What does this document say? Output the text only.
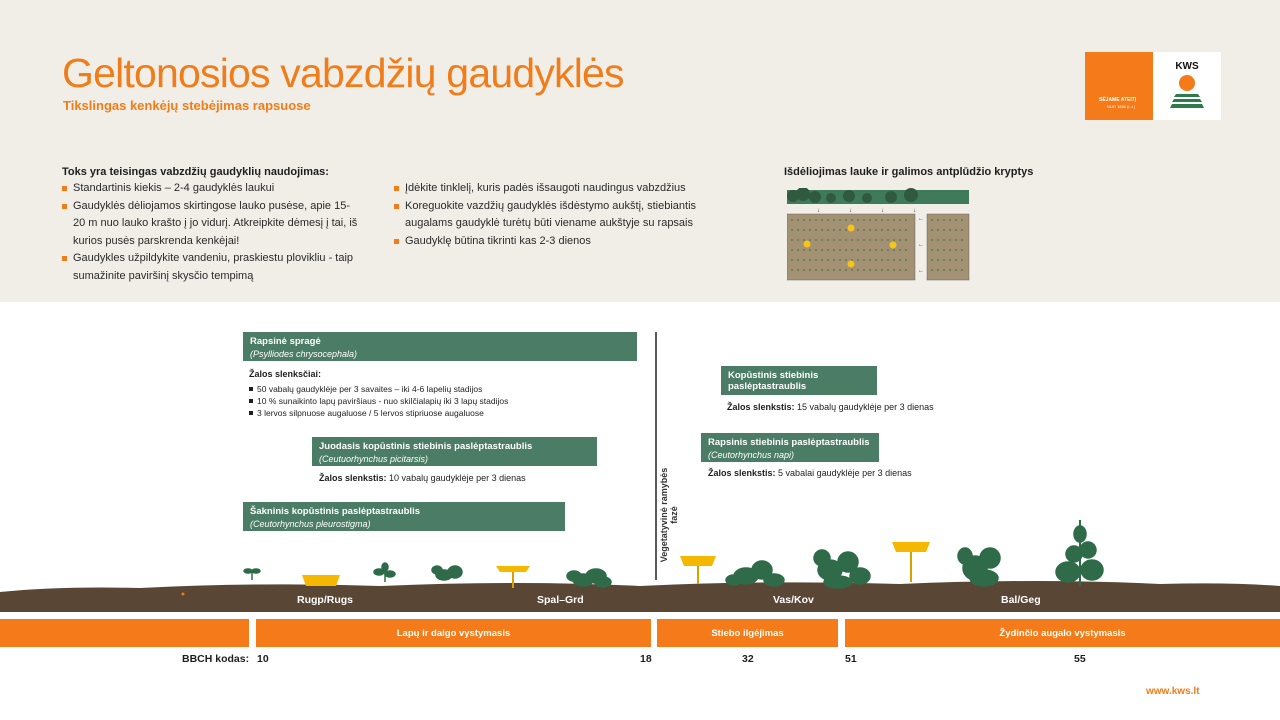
Geltonosios vabzdžių gaudyklės
Tikslingas kenkėjų stebėjimas rapsuose	SĖJAME ATEITĮ
NUO 1856 (L.t.)
KWS
Toks yra teisingas vabzdžių gaudyklių naudojimas:
Standartinis kiekis – 2-4 gaudyklės laukui
Gaudyklės dėliojamos skirtingose lauko pusėse, apie 15-20 m nuo lauko krašto į jo vidurį. Atkreipkite dėmesį į tai, iš kurios pusės parskrenda kenkėjai!
Gaudykles užpildykite vandeniu, praskiestu plovikliu - taip sumažinite paviršinį skysčio tempimą
Įdėkite tinklelį, kuris padės išsaugoti naudingus vabzdžius
Koreguokite vazdžių gaudyklės išdėstymo aukštį, stiebiantis augalams gaudyklė turėtų būti viename aukštyje su rapsais
Gaudyklę būtina tikrinti kas 2-3 dienos
Išdėliojimas lauke ir galimos antplūdžio kryptys
↓	↓	↓	↓
←
←
←
Rapsinė spragė
(Psylliodes chrysocephala)
Žalos slenksčiai:
50 vabalų gaudyklėje per 3 savaites – iki 4-6 lapelių stadijos
10 % sunaikinto lapų paviršiaus - nuo skilčialapių iki 3 lapų stadijos
3 lervos silpnuose augaluose / 5 lervos stipriuose augaluose
Juodasis kopūstinis stiebinis paslėptastraublis
(Ceutuorhynchus picitarsis)
Žalos slenkstis: 10 vabalų gaudyklėje per 3 dienas
Šakninis kopūstinis paslėptastraublis
(Ceutorhynchus pleurostigma)	Vegetatyvinė ramybės fazė
Kopūstinis stiebinis paslėptastraublis
(Ceutorhynchus pallidactylus)
Žalos slenkstis: 15 vabalų gaudyklėje per 3 dienas
Rapsinis stiebinis paslėptastraublis
(Ceutorhynchus napi)
Žalos slenkstis: 5 vabalai gaudyklėje per 3 dienas
Rugp/Rugs	Spal–Grd	Vas/Kov	Bal/Geg
Lapų ir daigo vystymasis	Stiebo ilgėjimas	Žydinčio augalo vystymasis
BBCH kodas: 10	18	32	51	55
www.kws.lt
